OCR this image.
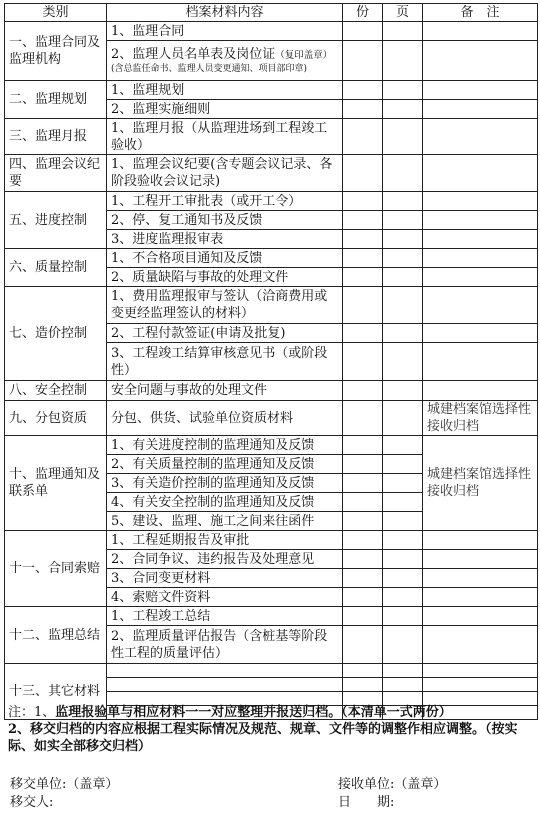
类别	档案材料内容	份	页	备　注
一、监理合同及监理机构	1、监理合同			
	2、监理人员名单表及岗位证（复印盖章）
(含总监任命书、监理人员变更通知、项目部印章)			

二、监理规划	1、监理规划			
	2、监理实施细则			
三、监理月报	1、监理月报（从监理进场到工程竣工验收）			
四、监理会议纪要	1、监理会议纪要(含专题会议记录、各阶段验收会议记录)			
五、进度控制	1、工程开工审批表（或开工令）			
	2、停、复工通知书及反馈			
	3、进度监理报审表			
六、质量控制	1、不合格项目通知及反馈			
	2、质量缺陷与事故的处理文件			
七、造价控制	1、费用监理报审与签认（洽商费用或变更经监理签认的材料）			
	2、工程付款签证(申请及批复)			
	3、工程竣工结算审核意见书（或阶段性）			
八、安全控制	安全问题与事故的处理文件			
九、分包资质	分包、供货、试验单位资质材料			城建档案馆选择性接收归档
十、监理通知及联系单	1、有关进度控制的监理通知及反馈			城建档案馆选择性接收归档
	2、有关质量控制的监理通知及反馈			
	3、有关造价控制的监理通知及反馈			
	4、有关安全控制的监理通知及反馈			
	5、建设、监理、施工之间来往函件			
十一、合同索赔	1、工程延期报告及审批			
	2、合同争议、违约报告及处理意见			
	3、合同变更材料			
	4、索赔文件资料			
十二、监理总结	1、工程竣工总结			
	2、监理质量评估报告（含桩基等阶段性工程的质量评估）			
十三、其它材料				

注：1、监理报验单与相应材料一一对应整理并报送归档。（本清单一式两份）
2、移交归档的内容应根据工程实际情况及规范、规章、文件等的调整作相应调整。（按实
际、如实全部移交归档）
移交单位:（盖章）	接收单位:（盖章）
移交人:	日　　期:
